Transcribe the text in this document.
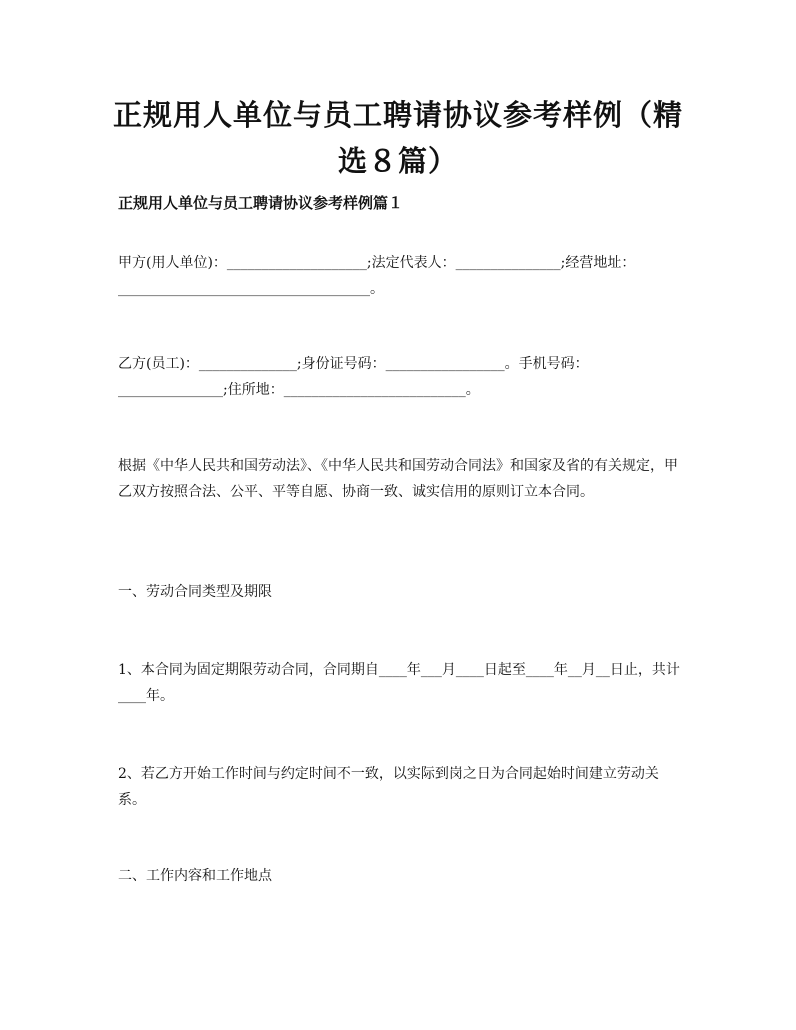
正规用人单位与员工聘请协议参考样例（精选８篇）
正规用人单位与员工聘请协议参考样例篇１
甲方(用人单位)：____________________;法定代表人：_______________;经营地址：____________________________________。
乙方(员工)：______________;身份证号码：_________________。手机号码：_______________;住所地：__________________________。
根据《中华人民共和国劳动法》、《中华人民共和国劳动合同法》和国家及省的有关规定，甲乙双方按照合法、公平、平等自愿、协商一致、诚实信用的原则订立本合同。
一、劳动合同类型及期限
1、本合同为固定期限劳动合同，合同期自____年___月____日起至____年__月__日止，共计____年。
2、若乙方开始工作时间与约定时间不一致，以实际到岗之日为合同起始时间建立劳动关系。
二、工作内容和工作地点
